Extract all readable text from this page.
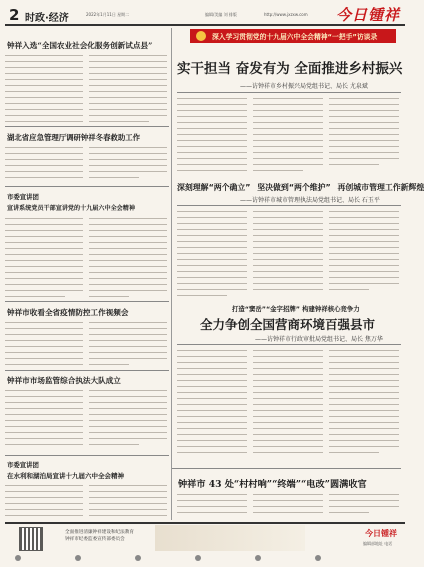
2 时政·经济	2022年1月11日 星期二	编辑/美编 刘 排版	http://www.jxzxw.com 今日锺祥
钟祥入选“全国农业社会化服务创新试点县”
湖北省应急管理厅调研钟祥冬春救助工作
市委宣讲团
宣讲系统党员干部宣讲党的十九届六中全会精神
钟祥市收看全省疫情防控工作视频会
钟祥市市场监管综合执法大队成立
市委宣讲团
在水利和湖泊局宣讲十九届六中全会精神
深入学习贯彻党的十九届六中全会精神“一把手”访谈录
实干担当 奋发有为 全面推进乡村振兴
——访钟祥市乡村振兴局党组书记、局长 尤泉斌
深刻理解“两个确立” 坚决做到“两个维护” 再创城市管理工作新辉煌
——访钟祥市城市管理执法局党组书记、局长 石玉平
打造“窦岳”“金字招牌” 构建钟祥核心竞争力
全力争创全国营商环境百强县市
——访钟祥市行政审批局党组书记、局长 焦万华
钟祥市 43 处“村村响”“终端”“电改”圆满收官
全面推进清廉钟祥建设和纪法教育
钟祥市纪委监委宣传部委员会
今日锺祥
编辑部地址 电话
